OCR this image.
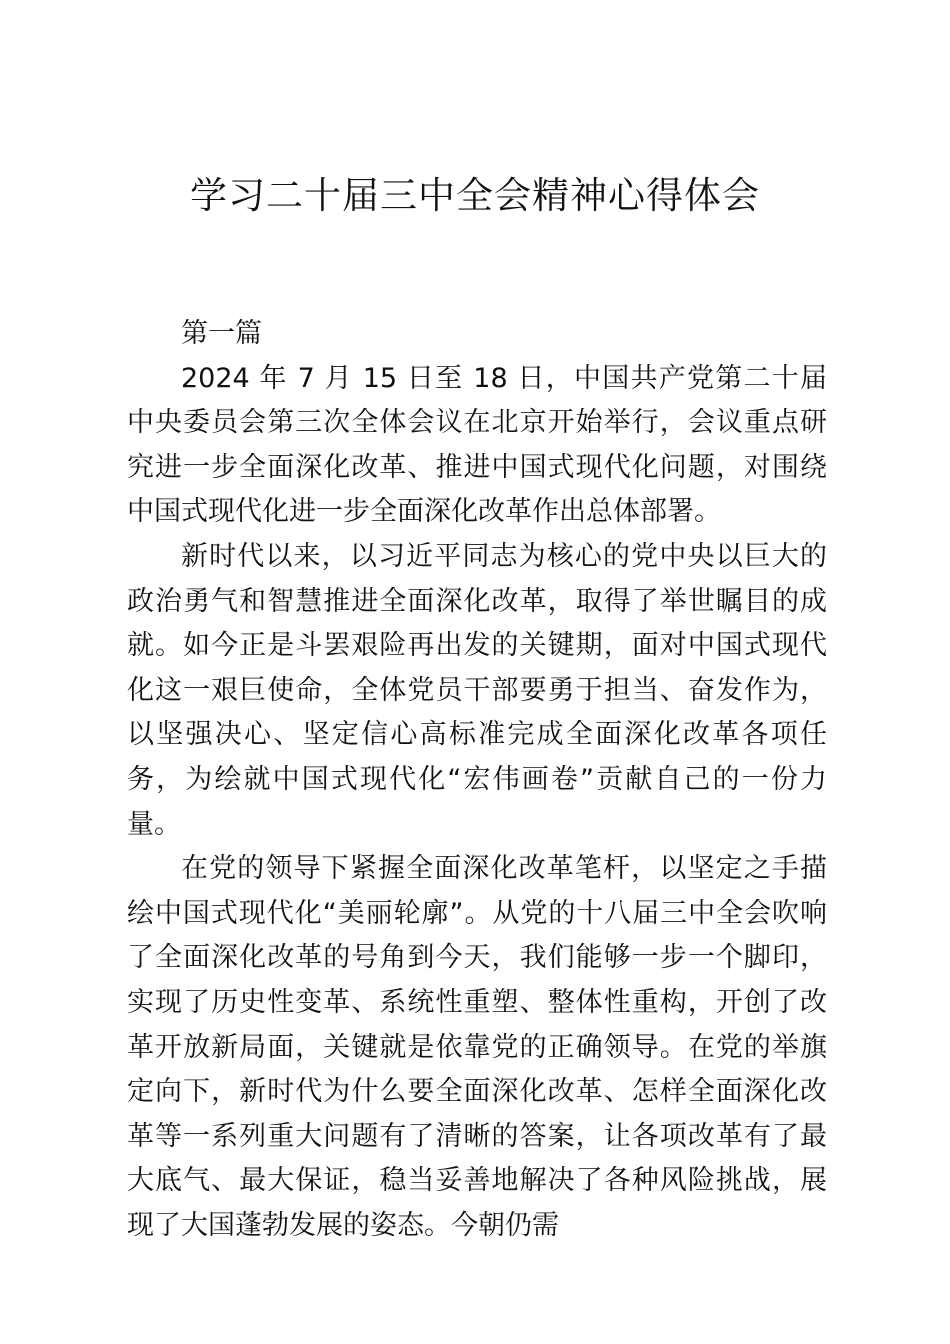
学习二十届三中全会精神心得体会

第一篇

2024 年 7 月 15 日至 18 日，中国共产党第二十届中央委员会第三次全体会议在北京开始举行，会议重点研究进一步全面深化改革、推进中国式现代化问题，对围绕中国式现代化进一步全面深化改革作出总体部署。

新时代以来，以习近平同志为核心的党中央以巨大的政治勇气和智慧推进全面深化改革，取得了举世瞩目的成就。如今正是斗罢艰险再出发的关键期，面对中国式现代化这一艰巨使命，全体党员干部要勇于担当、奋发作为，以坚强决心、坚定信心高标准完成全面深化改革各项任务，为绘就中国式现代化“宏伟画卷”贡献自己的一份力量。

在党的领导下紧握全面深化改革笔杆，以坚定之手描绘中国式现代化“美丽轮廓”。从党的十八届三中全会吹响了全面深化改革的号角到今天，我们能够一步一个脚印，实现了历史性变革、系统性重塑、整体性重构，开创了改革开放新局面，关键就是依靠党的正确领导。在党的举旗定向下，新时代为什么要全面深化改革、怎样全面深化改革等一系列重大问题有了清晰的答案，让各项改革有了最大底气、最大保证，稳当妥善地解决了各种风险挑战，展现了大国蓬勃发展的姿态。今朝仍需
